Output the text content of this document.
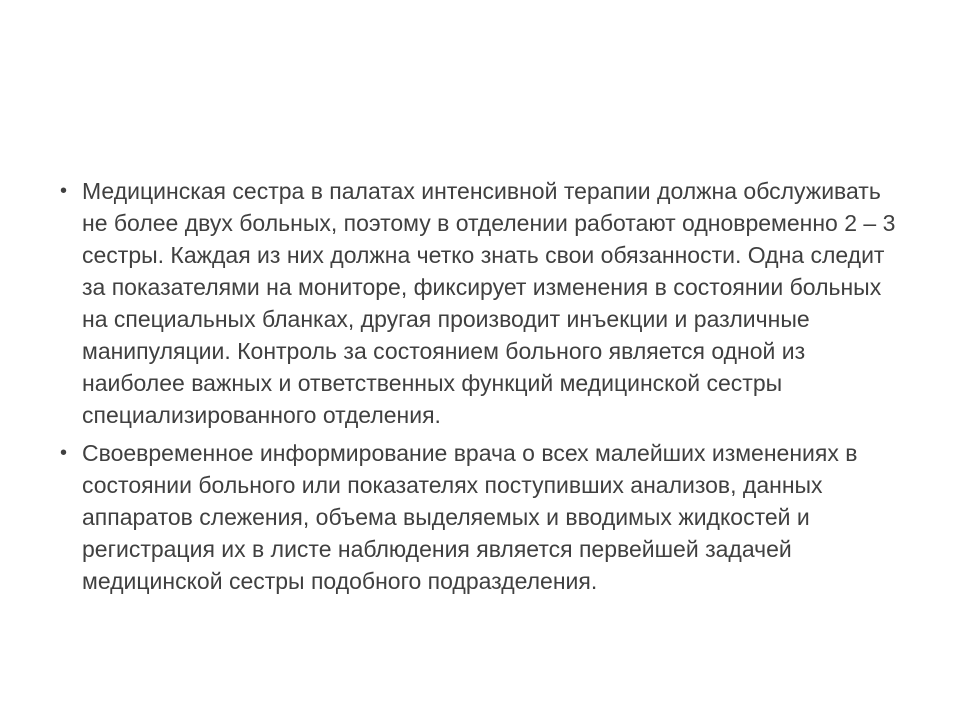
• Медицинская сестра в палатах интенсивной терапии должна обслуживать не более двух больных, поэтому в отделении работают одновременно 2 – 3 сестры. Каждая из них должна четко знать свои обязанности. Одна следит за показателями на мониторе, фиксирует изменения в состоянии больных на специальных бланках, другая производит инъекции и различные манипуляции. Контроль за состоянием больного является одной из наиболее важных и ответственных функций медицинской сестры специализированного отделения.
• Своевременное информирование врача о всех малейших изменениях в состоянии больного или показателях поступивших анализов, данных аппаратов слежения, объема выделяемых и вводимых жидкостей и регистрация их в листе наблюдения является первейшей задачей медицинской сестры подобного подразделения.
